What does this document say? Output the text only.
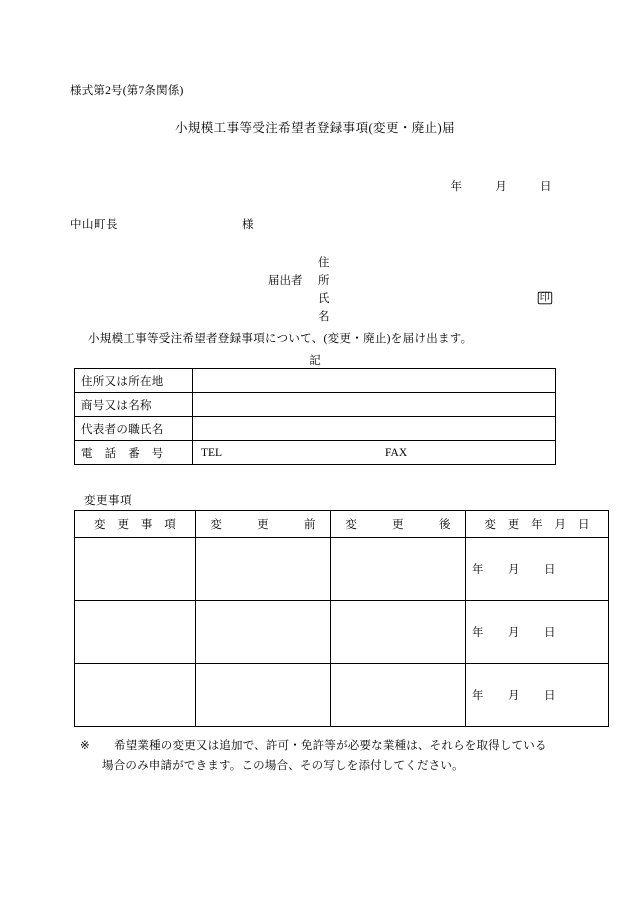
様式第2号(第7条関係)
小規模工事等受注希望者登録事項(変更・廃止)届
年	月	日
中山町長	様
住　所
届出者
氏　名
印
小規模工事等受注希望者登録事項について、(変更・廃止)を届け出ます。
記
住所又は所在地	
商号又は名称	
代表者の職氏名	
電　話　番　号	TEL FAX
変更事項
変　更　事　項	変　　　更　　　前	変　　　更　　　後	変　更　年　月　日
			年 月 日
			年 月 日
			年 月 日
※ 希望業種の変更又は追加で、許可・免許等が必要な業種は、それらを取得している
場合のみ申請ができます。この場合、その写しを添付してください。
